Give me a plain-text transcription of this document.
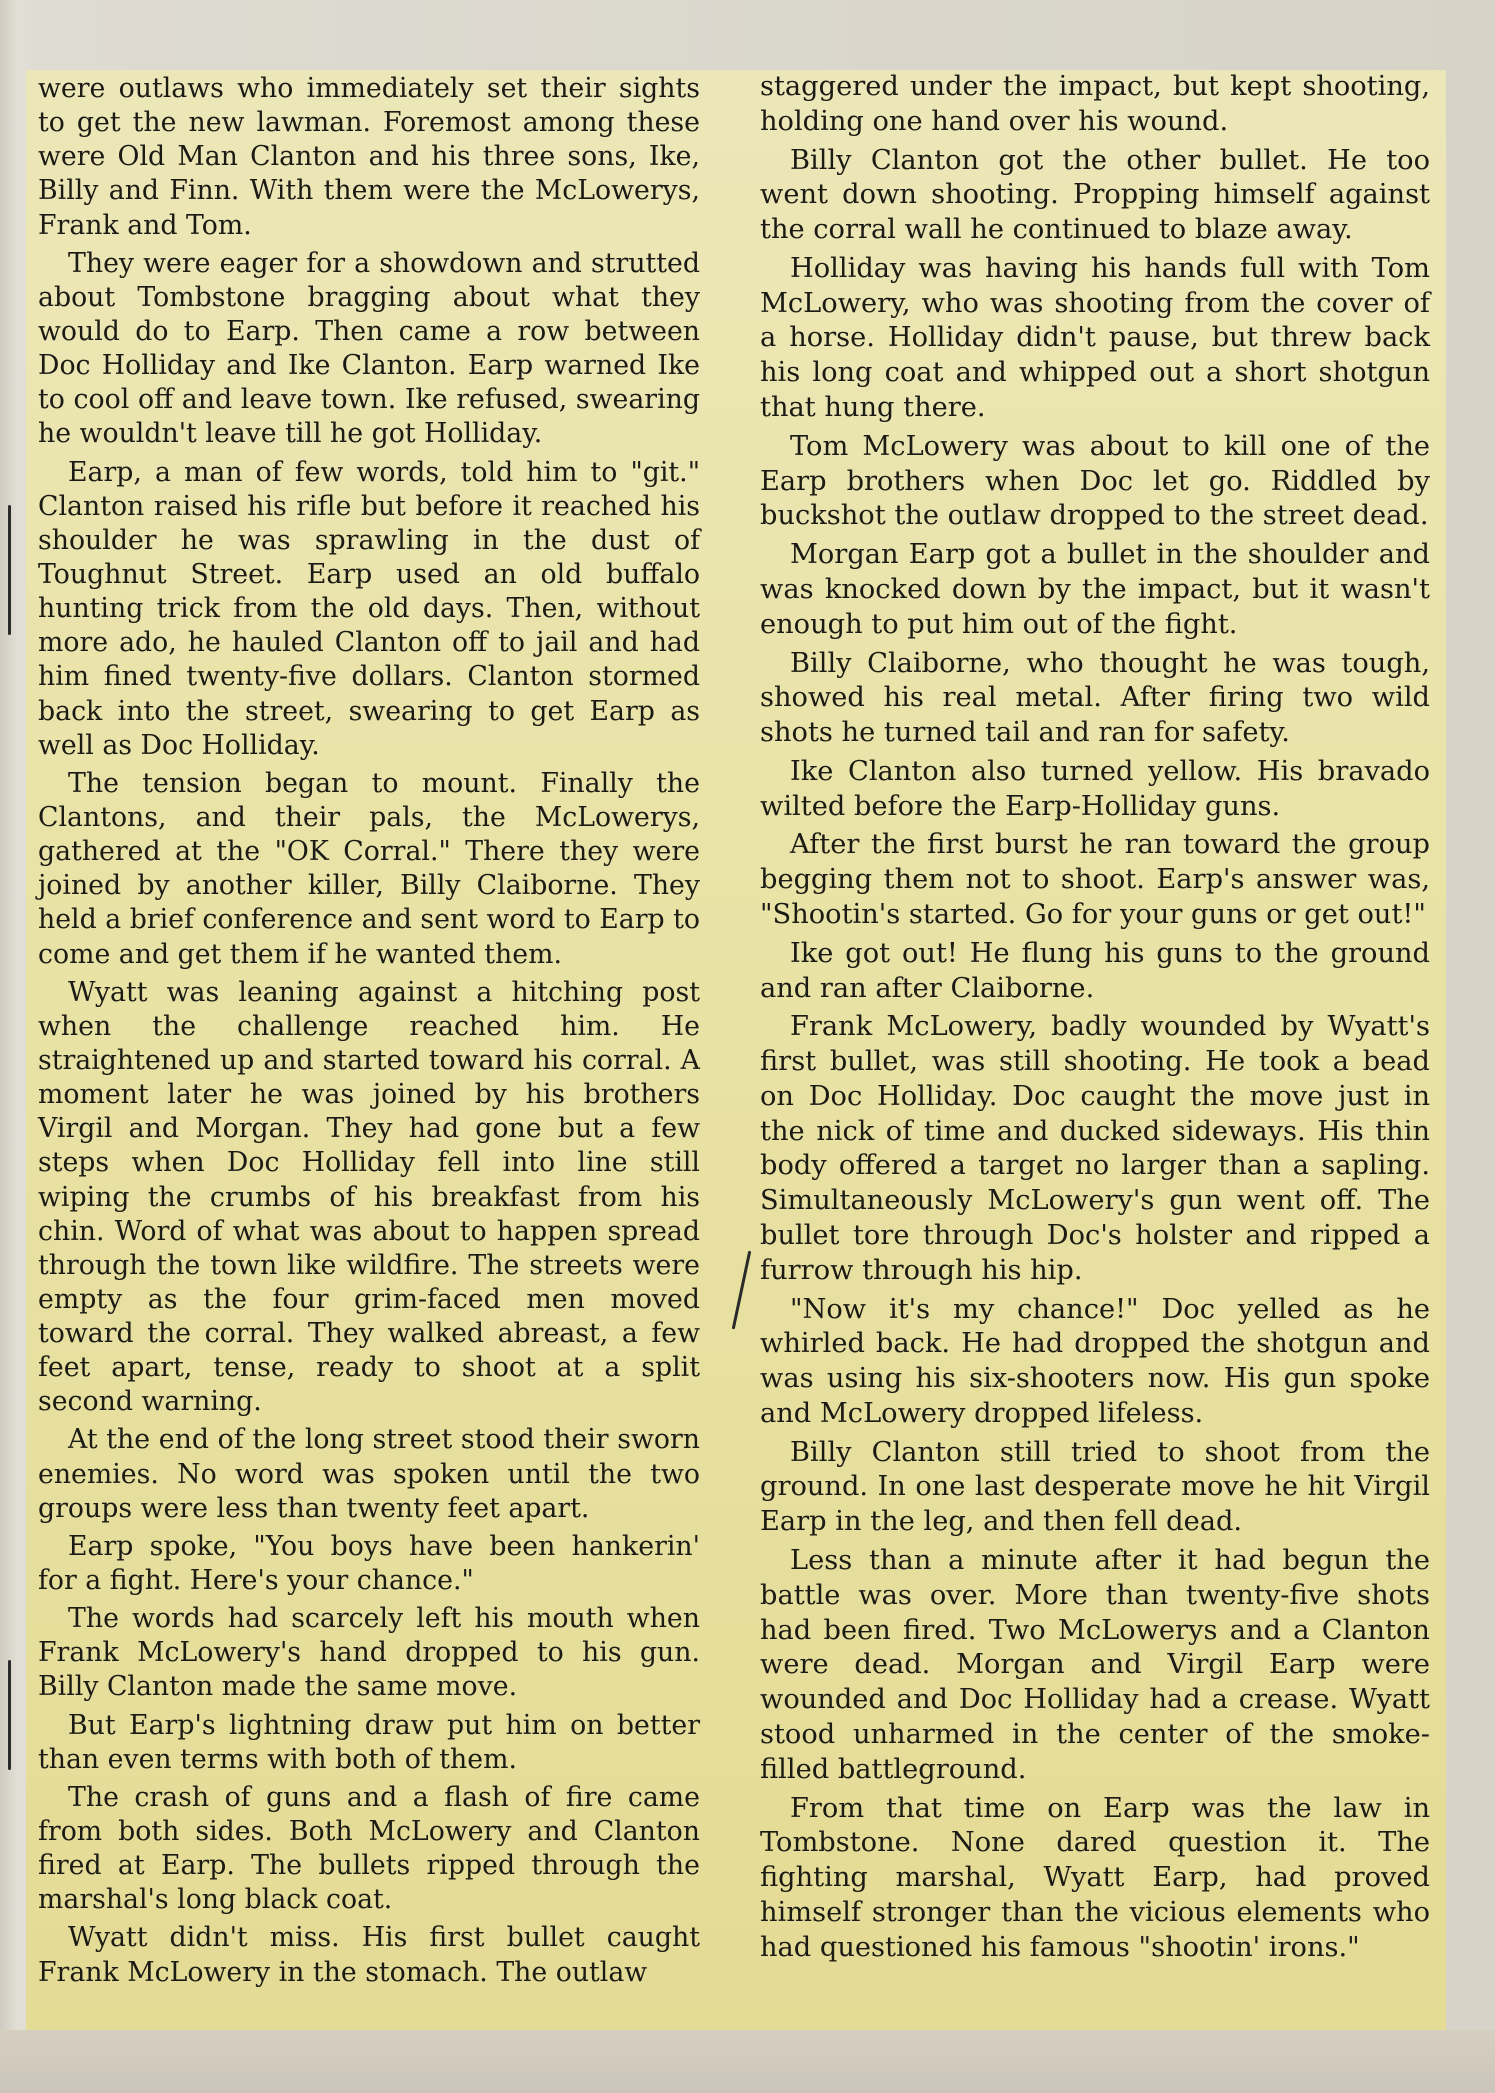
were outlaws who immediately set their sights to get the new lawman. Foremost among these were Old Man Clanton and his three sons, Ike, Billy and Finn. With them were the McLowerys, Frank and Tom.

They were eager for a showdown and strutted about Tombstone bragging about what they would do to Earp. Then came a row between Doc Holliday and Ike Clanton. Earp warned Ike to cool off and leave town. Ike refused, swearing he wouldn't leave till he got Holliday.

Earp, a man of few words, told him to "git." Clanton raised his rifle but before it reached his shoulder he was sprawling in the dust of Toughnut Street. Earp used an old buffalo hunting trick from the old days. Then, without more ado, he hauled Clanton off to jail and had him fined twenty-five dollars. Clanton stormed back into the street, swearing to get Earp as well as Doc Holliday.

The tension began to mount. Finally the Clantons, and their pals, the McLowerys, gathered at the "OK Corral." There they were joined by another killer, Billy Claiborne. They held a brief conference and sent word to Earp to come and get them if he wanted them.

Wyatt was leaning against a hitching post when the challenge reached him. He straightened up and started toward his corral. A moment later he was joined by his brothers Virgil and Morgan. They had gone but a few steps when Doc Holliday fell into line still wiping the crumbs of his breakfast from his chin. Word of what was about to happen spread through the town like wildfire. The streets were empty as the four grim-faced men moved toward the corral. They walked abreast, a few feet apart, tense, ready to shoot at a split second warning.

At the end of the long street stood their sworn enemies. No word was spoken until the two groups were less than twenty feet apart.

Earp spoke, "You boys have been hankerin' for a fight. Here's your chance."

The words had scarcely left his mouth when Frank McLowery's hand dropped to his gun. Billy Clanton made the same move.

But Earp's lightning draw put him on better than even terms with both of them.

The crash of guns and a flash of fire came from both sides. Both McLowery and Clanton fired at Earp. The bullets ripped through the marshal's long black coat.

Wyatt didn't miss. His first bullet caught Frank McLowery in the stomach. The outlaw

staggered under the impact, but kept shooting, holding one hand over his wound.

Billy Clanton got the other bullet. He too went down shooting. Propping himself against the corral wall he continued to blaze away.

Holliday was having his hands full with Tom McLowery, who was shooting from the cover of a horse. Holliday didn't pause, but threw back his long coat and whipped out a short shotgun that hung there.

Tom McLowery was about to kill one of the Earp brothers when Doc let go. Riddled by buckshot the outlaw dropped to the street dead.

Morgan Earp got a bullet in the shoulder and was knocked down by the impact, but it wasn't enough to put him out of the fight.

Billy Claiborne, who thought he was tough, showed his real metal. After firing two wild shots he turned tail and ran for safety.

Ike Clanton also turned yellow. His bravado wilted before the Earp-Holliday guns.

After the first burst he ran toward the group begging them not to shoot. Earp's answer was, "Shootin's started. Go for your guns or get out!"

Ike got out! He flung his guns to the ground and ran after Claiborne.

Frank McLowery, badly wounded by Wyatt's first bullet, was still shooting. He took a bead on Doc Holliday. Doc caught the move just in the nick of time and ducked sideways. His thin body offered a target no larger than a sapling. Simultaneously McLowery's gun went off. The bullet tore through Doc's holster and ripped a furrow through his hip.

"Now it's my chance!" Doc yelled as he whirled back. He had dropped the shotgun and was using his six-shooters now. His gun spoke and McLowery dropped lifeless.

Billy Clanton still tried to shoot from the ground. In one last desperate move he hit Virgil Earp in the leg, and then fell dead.

Less than a minute after it had begun the battle was over. More than twenty-five shots had been fired. Two McLowerys and a Clanton were dead. Morgan and Virgil Earp were wounded and Doc Holliday had a crease. Wyatt stood unharmed in the center of the smoke-filled battleground.

From that time on Earp was the law in Tombstone. None dared question it. The fighting marshal, Wyatt Earp, had proved himself stronger than the vicious elements who had questioned his famous "shootin' irons."
